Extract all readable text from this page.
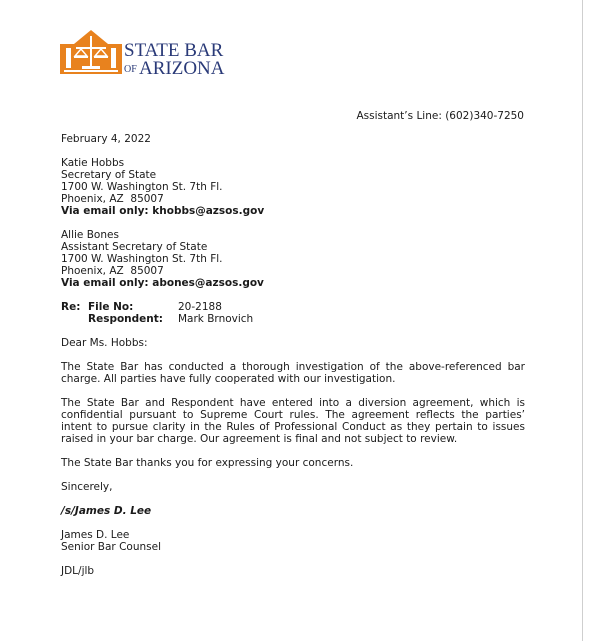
STATE BAR
OF ARIZONA
Assistant’s Line: (602)340-7250
February 4, 2022
Katie Hobbs
Secretary of State
1700 W. Washington St. 7th Fl.
Phoenix, AZ  85007
Via email only: khobbs@azsos.gov
Allie Bones
Assistant Secretary of State
1700 W. Washington St. 7th Fl.
Phoenix, AZ  85007
Via email only: abones@azsos.gov
Re: File No:	20-2188
Respondent:	Mark Brnovich
Dear Ms. Hobbs:

The State Bar has conducted a thorough investigation of the above-referenced bar charge. All parties have fully cooperated with our investigation.

The State Bar and Respondent have entered into a diversion agreement, which is confidential pursuant to Supreme Court rules. The agreement reflects the parties’ intent to pursue clarity in the Rules of Professional Conduct as they pertain to issues raised in your bar charge. Our agreement is final and not subject to review.

The State Bar thanks you for expressing your concerns.

Sincerely,
/s/James D. Lee
James D. Lee
Senior Bar Counsel
JDL/jlb
